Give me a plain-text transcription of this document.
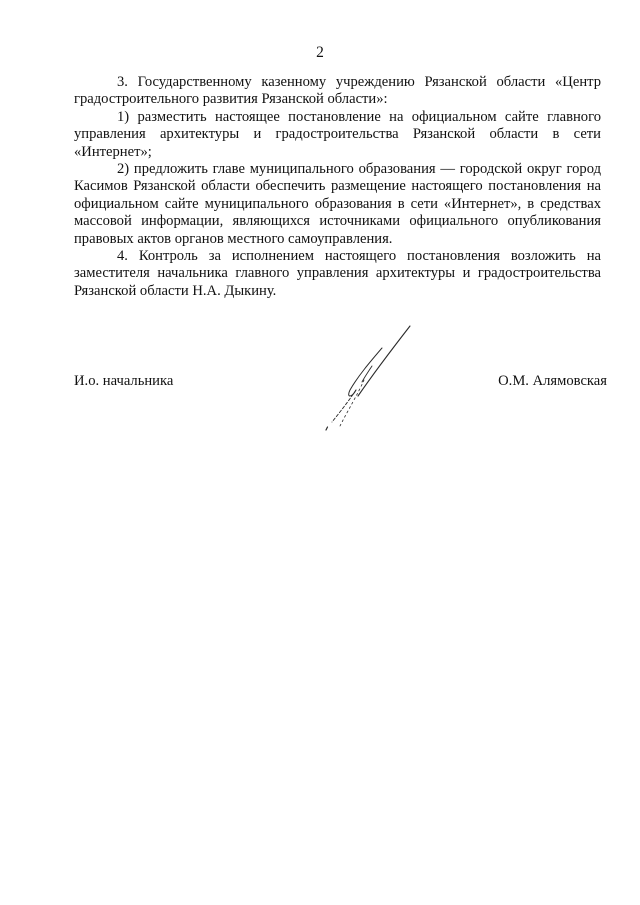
2

3. Государственному казенному учреждению Рязанской области «Центр градостроительного развития Рязанской области»:

1) разместить настоящее постановление на официальном сайте главного управления архитектуры и градостроительства Рязанской области в сети «Интернет»;

2) предложить главе муниципального образования — городской округ город Касимов Рязанской области обеспечить размещение настоящего постановления на официальном сайте муниципального образования в сети «Интернет», в средствах массовой информации, являющихся источниками официального опубликования правовых актов органов местного самоуправления.

4. Контроль за исполнением настоящего постановления возложить на заместителя начальника главного управления архитектуры и градостроительства Рязанской области Н.А. Дыкину.

И.о. начальника	О.М. Алямовская
